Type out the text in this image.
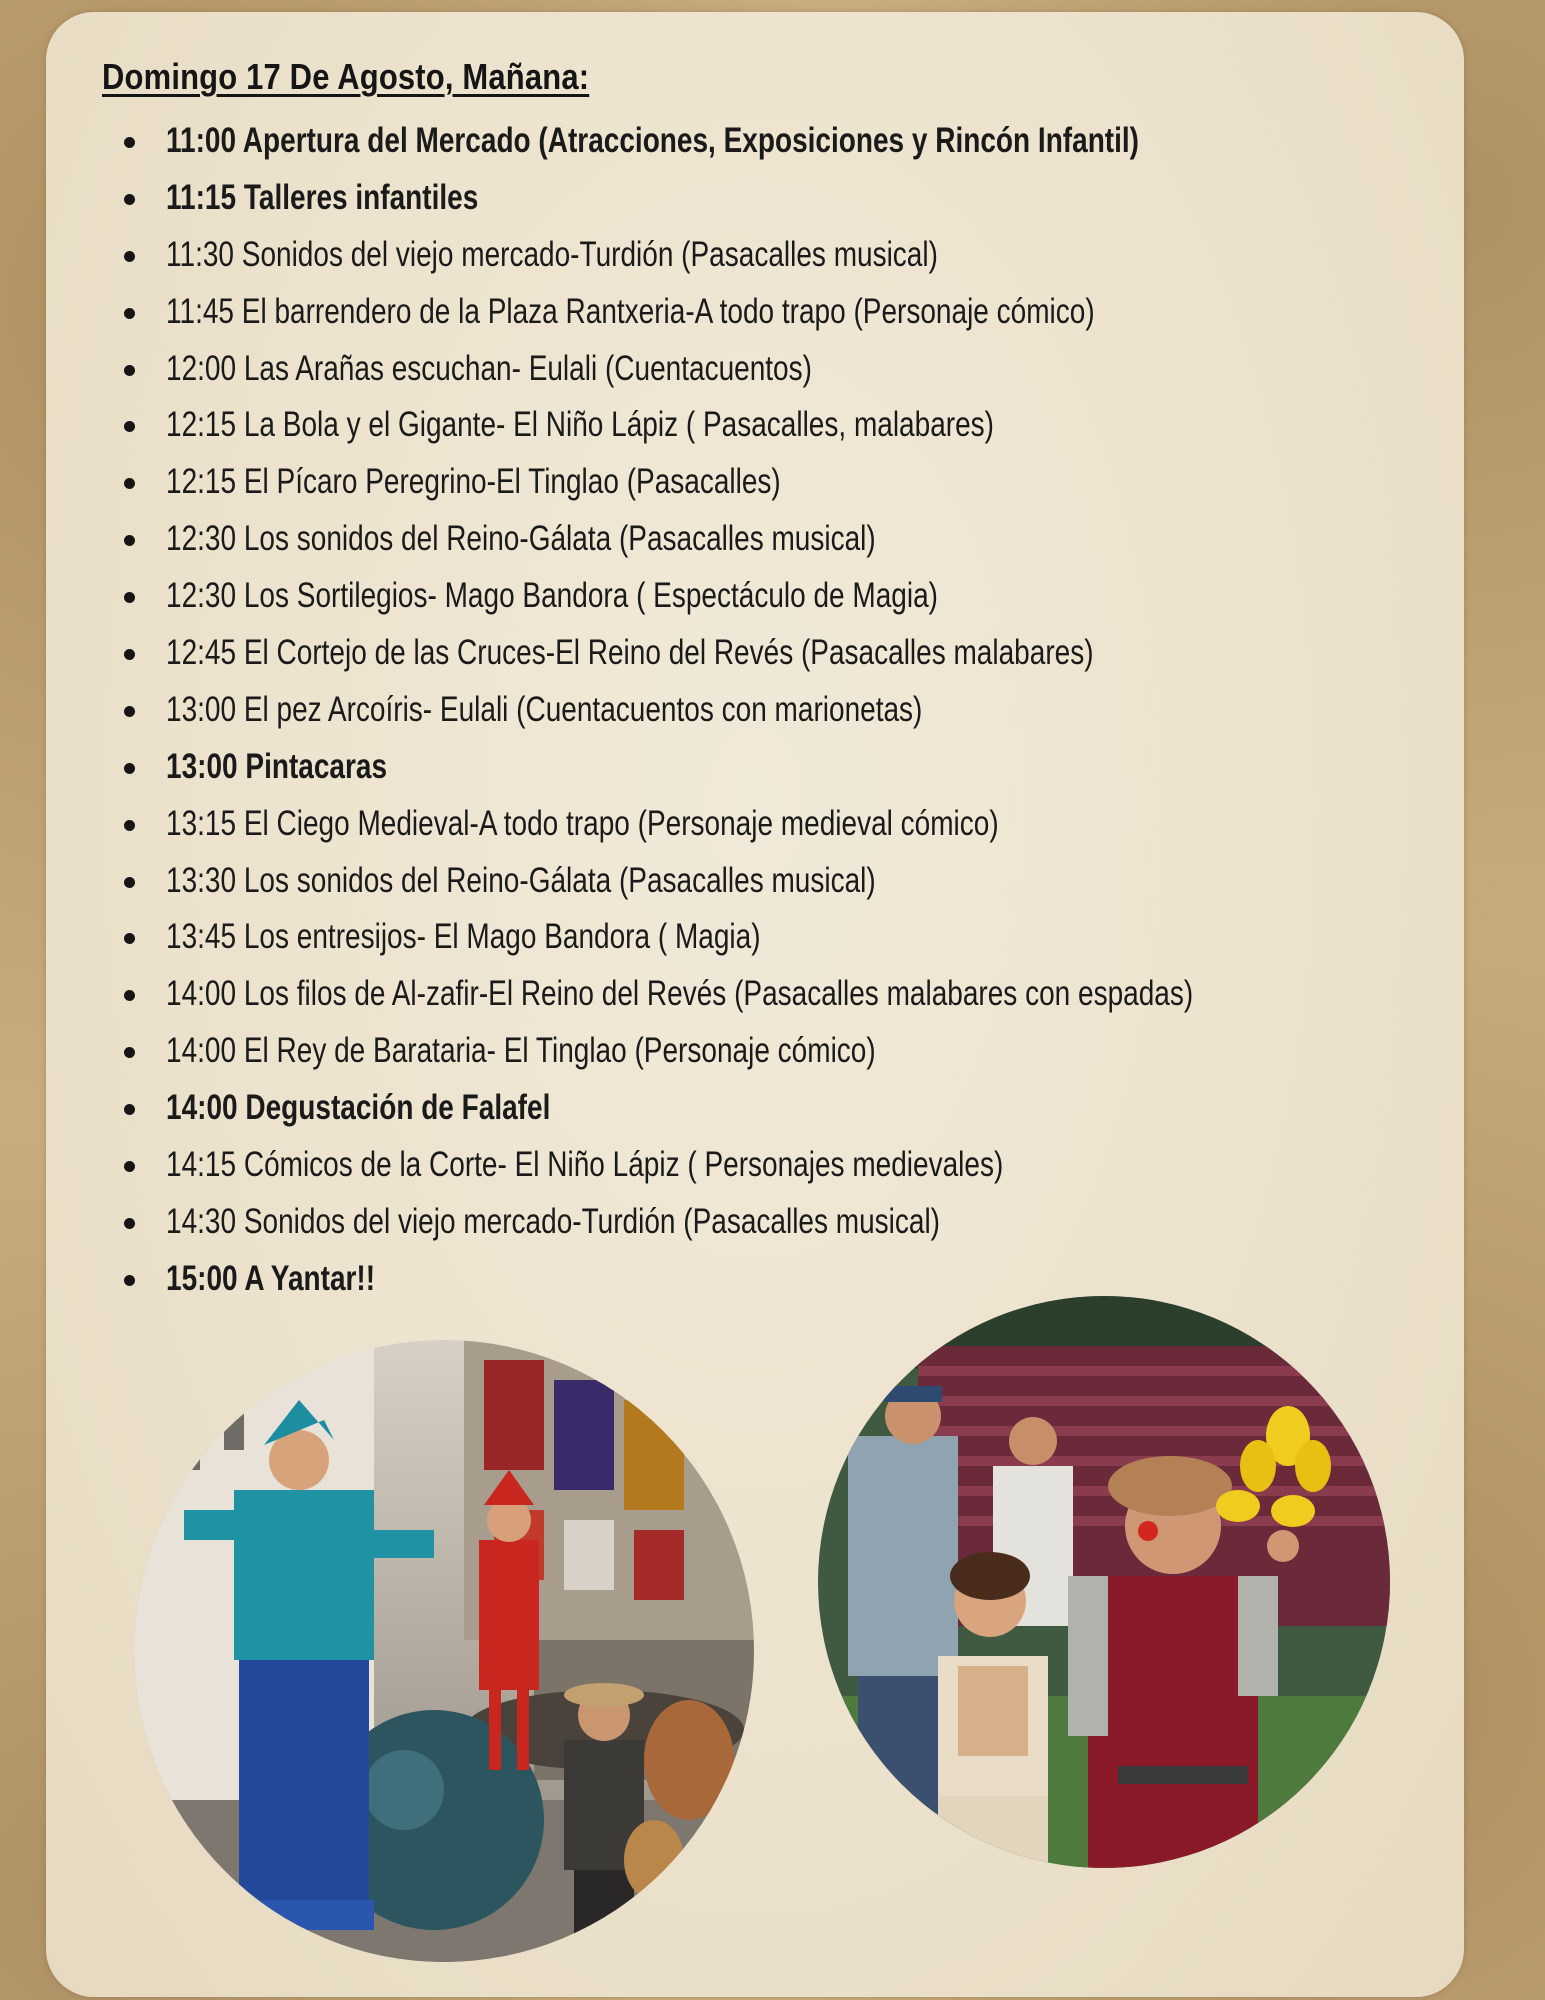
Domingo 17 De Agosto, Mañana:
11:00 Apertura del Mercado (Atracciones, Exposiciones y Rincón Infantil)
11:15 Talleres infantiles
11:30 Sonidos del viejo mercado-Turdión (Pasacalles musical)
11:45 El barrendero de la Plaza Rantxeria-A todo trapo (Personaje cómico)
12:00 Las Arañas escuchan- Eulali (Cuentacuentos)
12:15 La Bola y el Gigante- El Niño Lápiz ( Pasacalles, malabares)
12:15 El Pícaro Peregrino-El Tinglao (Pasacalles)
12:30 Los sonidos del Reino-Gálata (Pasacalles musical)
12:30 Los Sortilegios- Mago Bandora ( Espectáculo de Magia)
12:45 El Cortejo de las Cruces-El Reino del Revés (Pasacalles malabares)
13:00 El pez Arcoíris- Eulali (Cuentacuentos con marionetas)
13:00 Pintacaras
13:15 El Ciego Medieval-A todo trapo (Personaje medieval cómico)
13:30 Los sonidos del Reino-Gálata (Pasacalles musical)
13:45 Los entresijos- El Mago Bandora ( Magia)
14:00 Los filos de Al-zafir-El Reino del Revés (Pasacalles malabares con espadas)
14:00 El Rey de Barataria- El Tinglao (Personaje cómico)
14:00 Degustación de Falafel
14:15 Cómicos de la Corte- El Niño Lápiz ( Personajes medievales)
14:30 Sonidos del viejo mercado-Turdión (Pasacalles musical)
15:00 A Yantar!!
